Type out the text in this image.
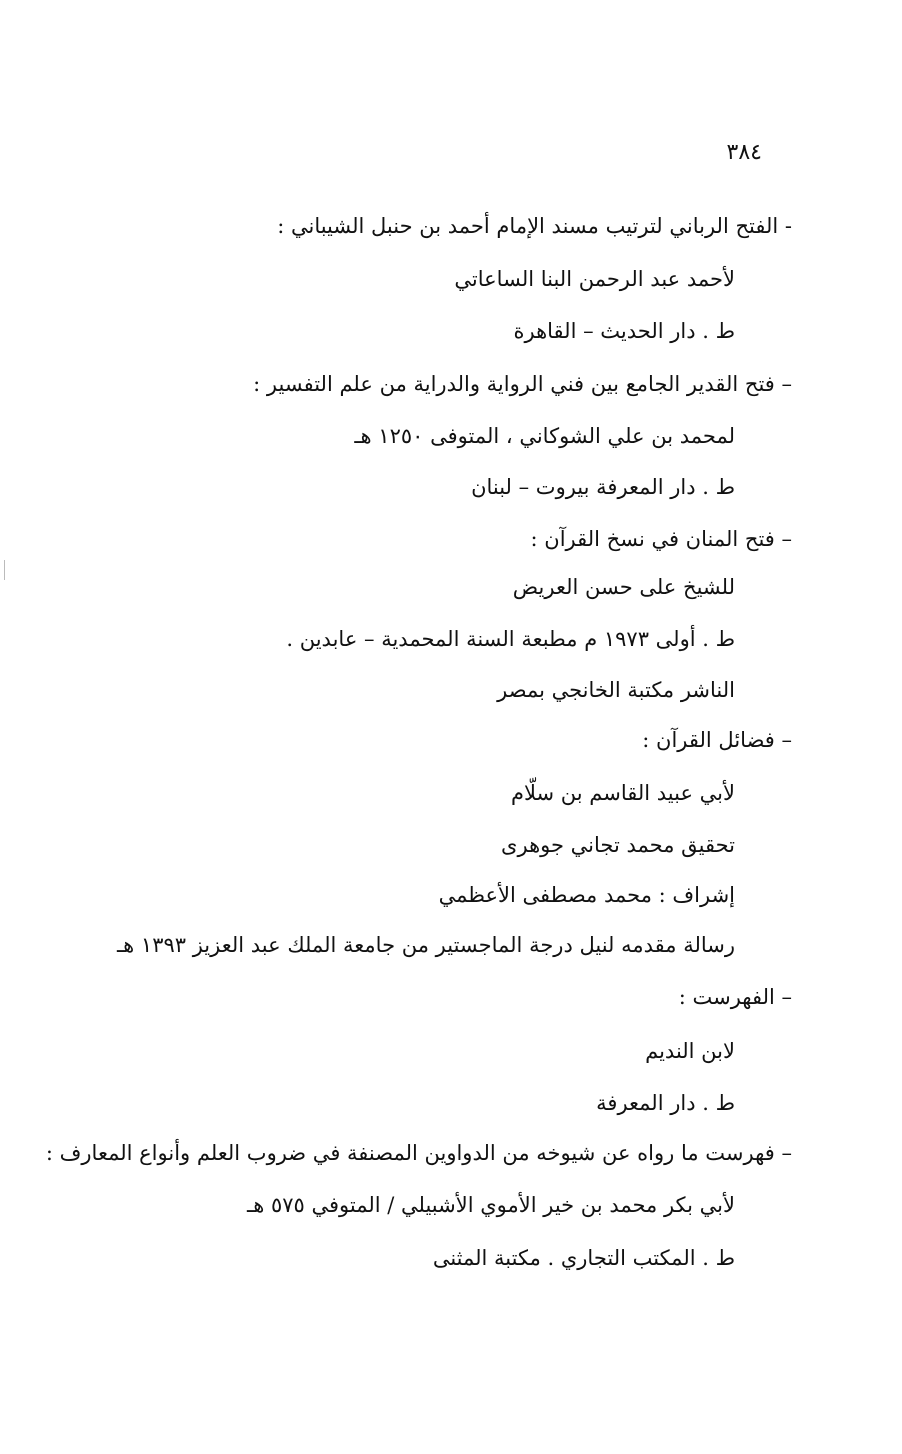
٣٨٤
- الفتح الرباني لترتيب مسند الإمام أحمد بن حنبل الشيباني :
لأحمد عبد الرحمن البنا الساعاتي
ط . دار الحديث – القاهرة
– فتح القدير الجامع بين فني الرواية والدراية من علم التفسير :
لمحمد بن علي الشوكاني ، المتوفى ١٢٥٠ هـ
ط . دار المعرفة بيروت – لبنان
– فتح المنان في نسخ القرآن :
للشيخ على حسن العريض
ط . أولى ١٩٧٣ م مطبعة السنة المحمدية – عابدين .
الناشر مكتبة الخانجي بمصر
– فضائل القرآن :
لأبي عبيد القاسم بن سلّام
تحقيق محمد تجاني جوهرى
إشراف : محمد مصطفى الأعظمي
رسالة مقدمه لنيل درجة الماجستير من جامعة الملك عبد العزيز ١٣٩٣ هـ
– الفهرست :
لابن النديم
ط . دار المعرفة
– فهرست ما رواه عن شيوخه من الدواوين المصنفة في ضروب العلم وأنواع المعارف :
لأبي بكر محمد بن خير الأموي الأشبيلي / المتوفي ٥٧٥ هـ
ط . المكتب التجاري . مكتبة المثنى
